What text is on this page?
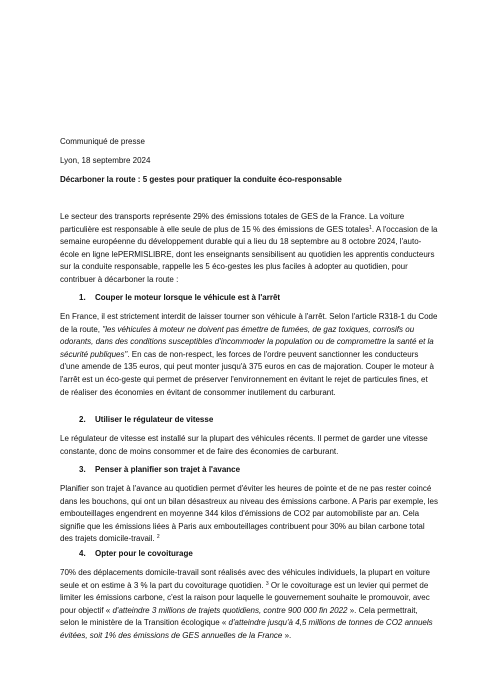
Communiqué de presse
Lyon, 18 septembre 2024
Décarboner la route : 5 gestes pour pratiquer la conduite éco-responsable
Le secteur des transports représente 29% des émissions totales de GES de la France. La voiture particulière est responsable à elle seule de plus de 15 % des émissions de GES totales$^1$. A l'occasion de la semaine européenne du développement durable qui a lieu du 18 septembre au 8 octobre 2024, l'auto-école en ligne lePERMISLIBRE, dont les enseignants sensibilisent au quotidien les apprentis conducteurs sur la conduite responsable, rappelle les 5 éco-gestes les plus faciles à adopter au quotidien, pour contribuer à décarboner la route :
1. Couper le moteur lorsque le véhicule est à l'arrêt
En France, il est strictement interdit de laisser tourner son véhicule à l'arrêt. Selon l'article R318-1 du Code de la route, "les véhicules à moteur ne doivent pas émettre de fumées, de gaz toxiques, corrosifs ou odorants, dans des conditions susceptibles d'incommoder la population ou de compromettre la santé et la sécurité publiques". En cas de non-respect, les forces de l'ordre peuvent sanctionner les conducteurs d'une amende de 135 euros, qui peut monter jusqu'à 375 euros en cas de majoration. Couper le moteur à l'arrêt est un éco-geste qui permet de préserver l'environnement en évitant le rejet de particules fines, et de réaliser des économies en évitant de consommer inutilement du carburant.
2. Utiliser le régulateur de vitesse
Le régulateur de vitesse est installé sur la plupart des véhicules récents. Il permet de garder une vitesse constante, donc de moins consommer et de faire des économies de carburant.
3. Penser à planifier son trajet à l'avance
Planifier son trajet à l'avance au quotidien permet d'éviter les heures de pointe et de ne pas rester coincé dans les bouchons, qui ont un bilan désastreux au niveau des émissions carbone. A Paris par exemple, les embouteillages engendrent en moyenne 344 kilos d'émissions de CO2 par automobiliste par an. Cela signifie que les émissions liées à Paris aux embouteillages contribuent pour 30% au bilan carbone total des trajets domicile-travail. $^2$
4. Opter pour le covoiturage
70% des déplacements domicile-travail sont réalisés avec des véhicules individuels, la plupart en voiture seule et on estime à 3 % la part du covoiturage quotidien. $^3$ Or le covoiturage est un levier qui permet de limiter les émissions carbone, c'est la raison pour laquelle le gouvernement souhaite le promouvoir, avec pour objectif « d'atteindre 3 millions de trajets quotidiens, contre 900 000 fin 2022 ». Cela permettrait, selon le ministère de la Transition écologique « d'atteindre jusqu'à 4,5 millions de tonnes de CO2 annuels évitées, soit 1% des émissions de GES annuelles de la France ».
